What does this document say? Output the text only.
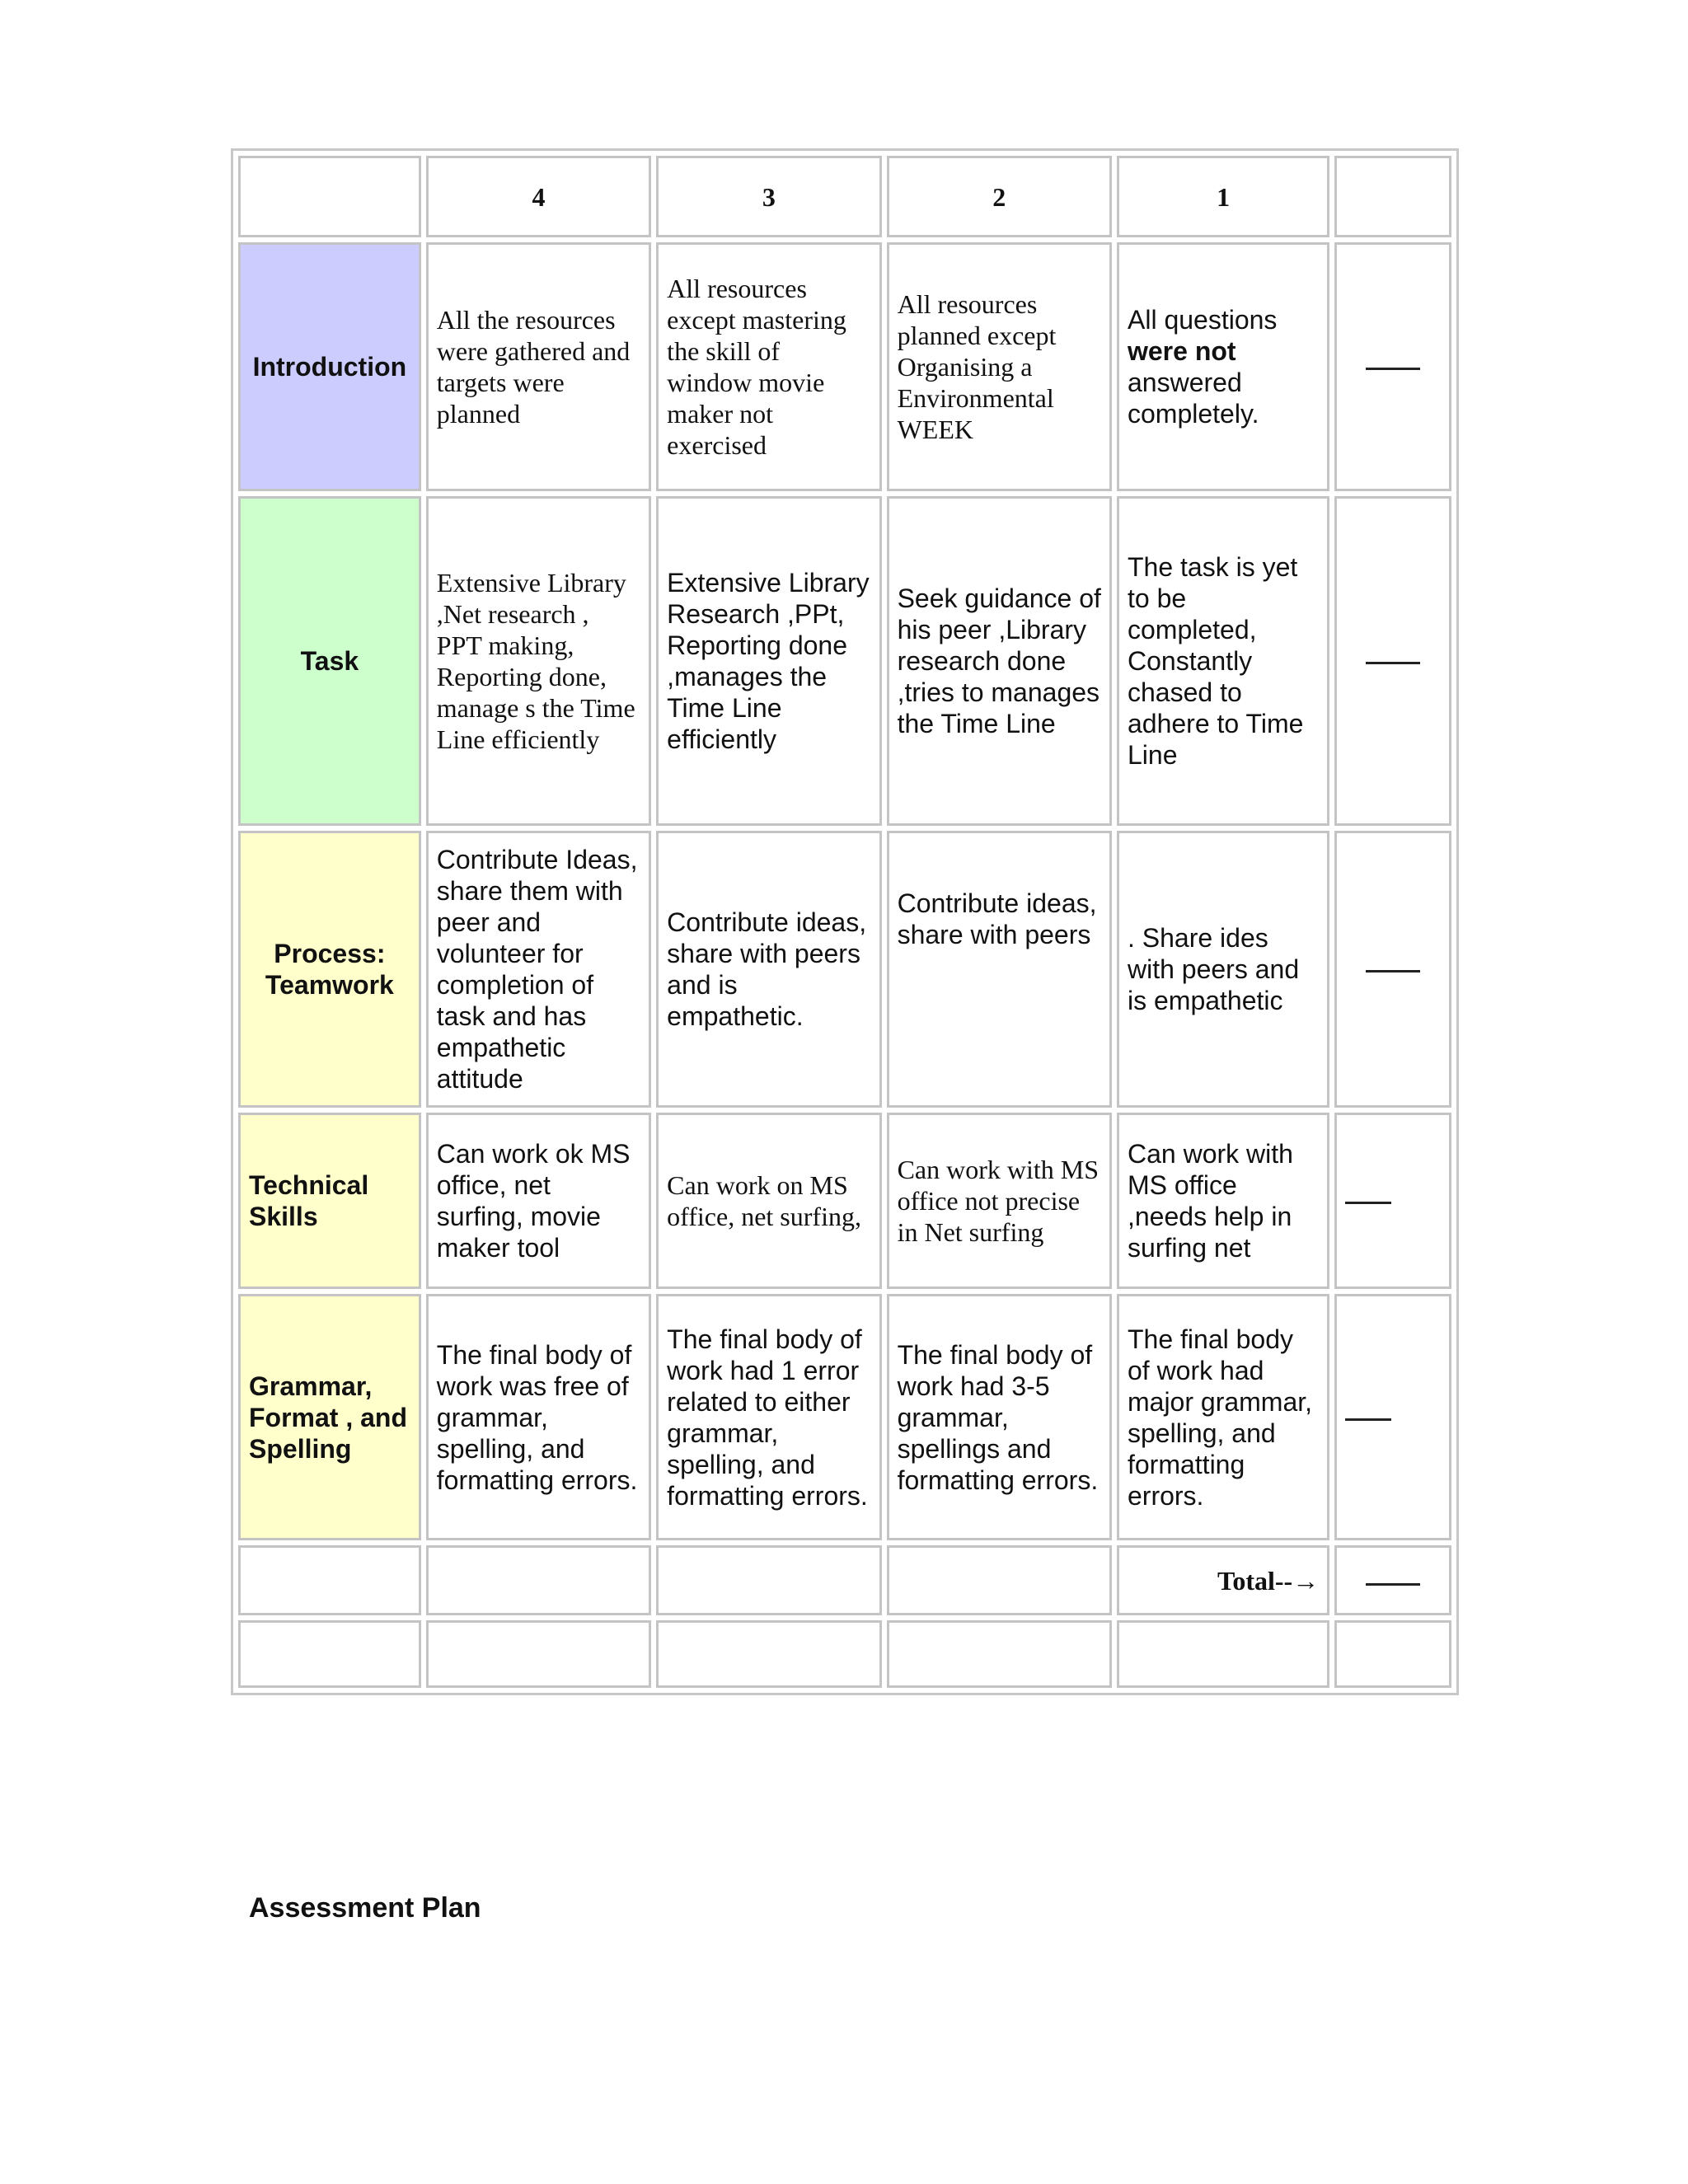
	4	3	2	1	
Introduction	All the resources were gathered and targets were planned	All resources except mastering the skill of window movie maker not exercised	All resources planned except Organising a Environmental WEEK	All questions
were not
answered completely.	
Task	Extensive Library ,Net research , PPT making, Reporting done, manage s the Time Line efficiently	Extensive Library Research ,PPt, Reporting done ,manages the Time Line efficiently	Seek guidance of his peer ,Library research done ,tries to manages the Time Line	The task is yet to be completed, Constantly chased to adhere to Time Line	
Process: Teamwork	Contribute Ideas, share them with peer and volunteer for completion of task and has empathetic attitude	Contribute ideas, share with peers and is empathetic.	Contribute ideas, share with peers	. Share ides with peers and is empathetic	
Technical Skills	Can work ok MS office, net surfing, movie maker tool	Can work on MS office, net surfing,	Can work with MS office not precise in Net surfing	Can work with MS office ,needs help in surfing net	
Grammar, Format , and Spelling	The final body of work was free of grammar, spelling, and formatting errors.	The final body of work had 1 error related to either grammar, spelling, and formatting errors.	The final body of work had 3-5 grammar, spellings and formatting errors.	The final body of work had major grammar, spelling, and formatting errors.	
				Total--→	

Assessment Plan
